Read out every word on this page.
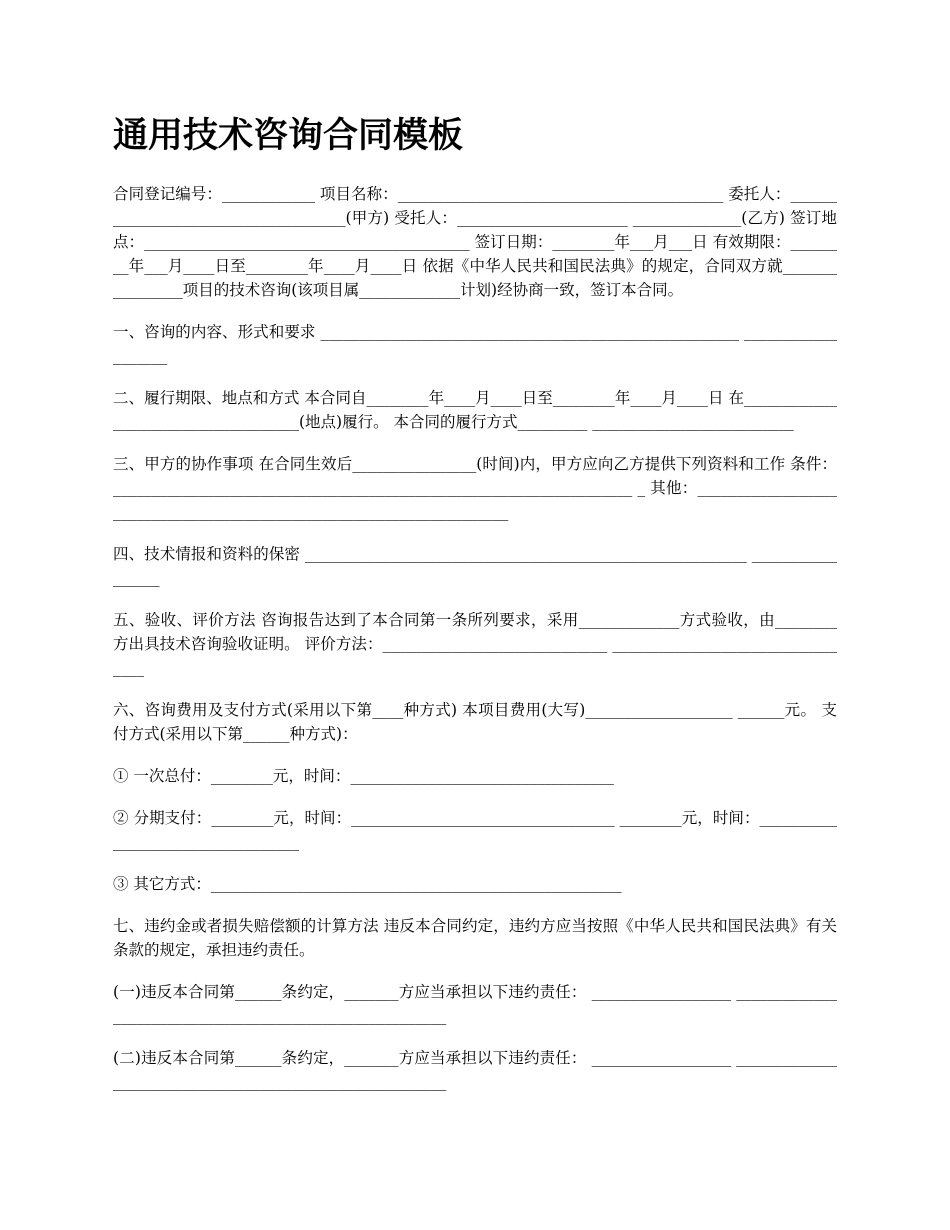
通用技术咨询合同模板

合同登记编号：____________ 项目名称：__________________________________________ 委托人：____________________________________(甲方) 受托人：______________________ ______________(乙方) 签订地点：__________________________________________ 签订日期：________年___月___日 有效期限：________年___月____日至________年____月____日 依据《中华人民共和国民法典》的规定，合同双方就________________项目的技术咨询(该项目属_____________计划)经协商一致，签订本合同。

一、咨询的内容、形式和要求 ______________________________________________________ ___________________

二、履行期限、地点和方式 本合同自________年____月____日至________年____月____日 在____________________________________(地点)履行。 本合同的履行方式_________ __________________________

三、甲方的协作事项 在合同生效后________________(时间)内，甲方应向乙方提供下列资料和工作 条件：___________________________________________________________________ _ 其他：_____________________________________________________________________

四、技术情报和资料的保密 _________________________________________________________ _________________

五、验收、评价方法 咨询报告达到了本合同第一条所列要求，采用_____________方式验收，由________方出具技术咨询验收证明。 评价方法：_____________________________ _________________________________

六、咨询费用及支付方式(采用以下第____种方式) 本项目费用(大写)___________________ ______元。 支付方式(采用以下第______种方式)：

① 一次总付：________元，时间：__________________________________

② 分期支付：________元，时间：__________________________________ ________元，时间：__________________________________

③ 其它方式：_____________________________________________________

七、违约金或者损失赔偿额的计算方法 违反本合同约定，违约方应当按照《中华人民共和国民法典》有关条款的规定，承担违约责任。

(一)违反本合同第______条约定，_______方应当承担以下违约责任： __________________ ________________________________________________________

(二)违反本合同第______条约定，_______方应当承担以下违约责任： __________________ ________________________________________________________
